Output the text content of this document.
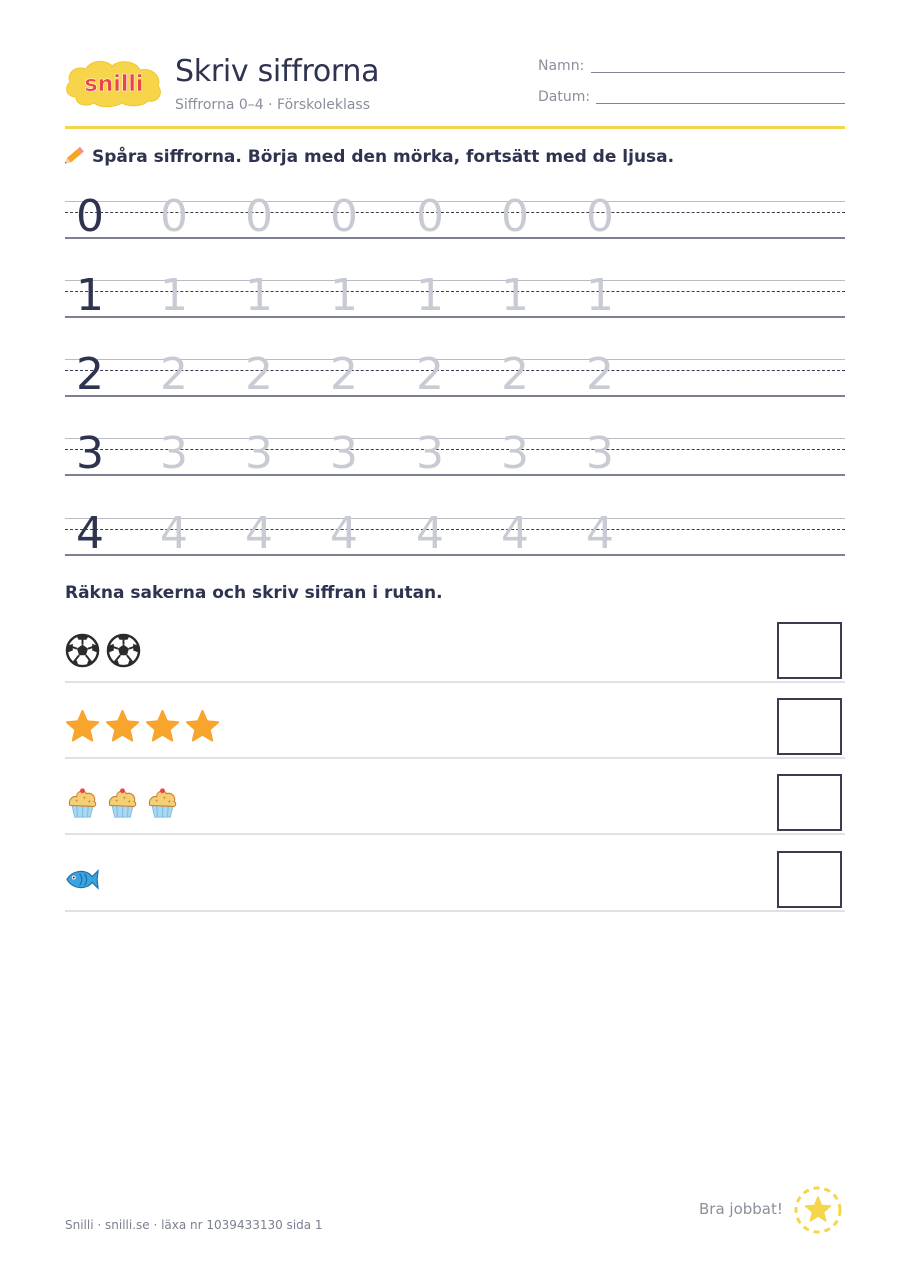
snilli Skriv siffrorna
Siffrorna 0–4 · Förskoleklass
Namn:
Datum:
Spåra siffrorna. Börja med den mörka, fortsätt med de ljusa.
0 0 0 0 0 0 0
1 1 1 1 1 1 1
2 2 2 2 2 2 2
3 3 3 3 3 3 3
4 4 4 4 4 4 4
Räkna sakerna och skriv siffran i rutan.
Snilli · snilli.se · läxa nr 1039433130 sida 1
Bra jobbat!
